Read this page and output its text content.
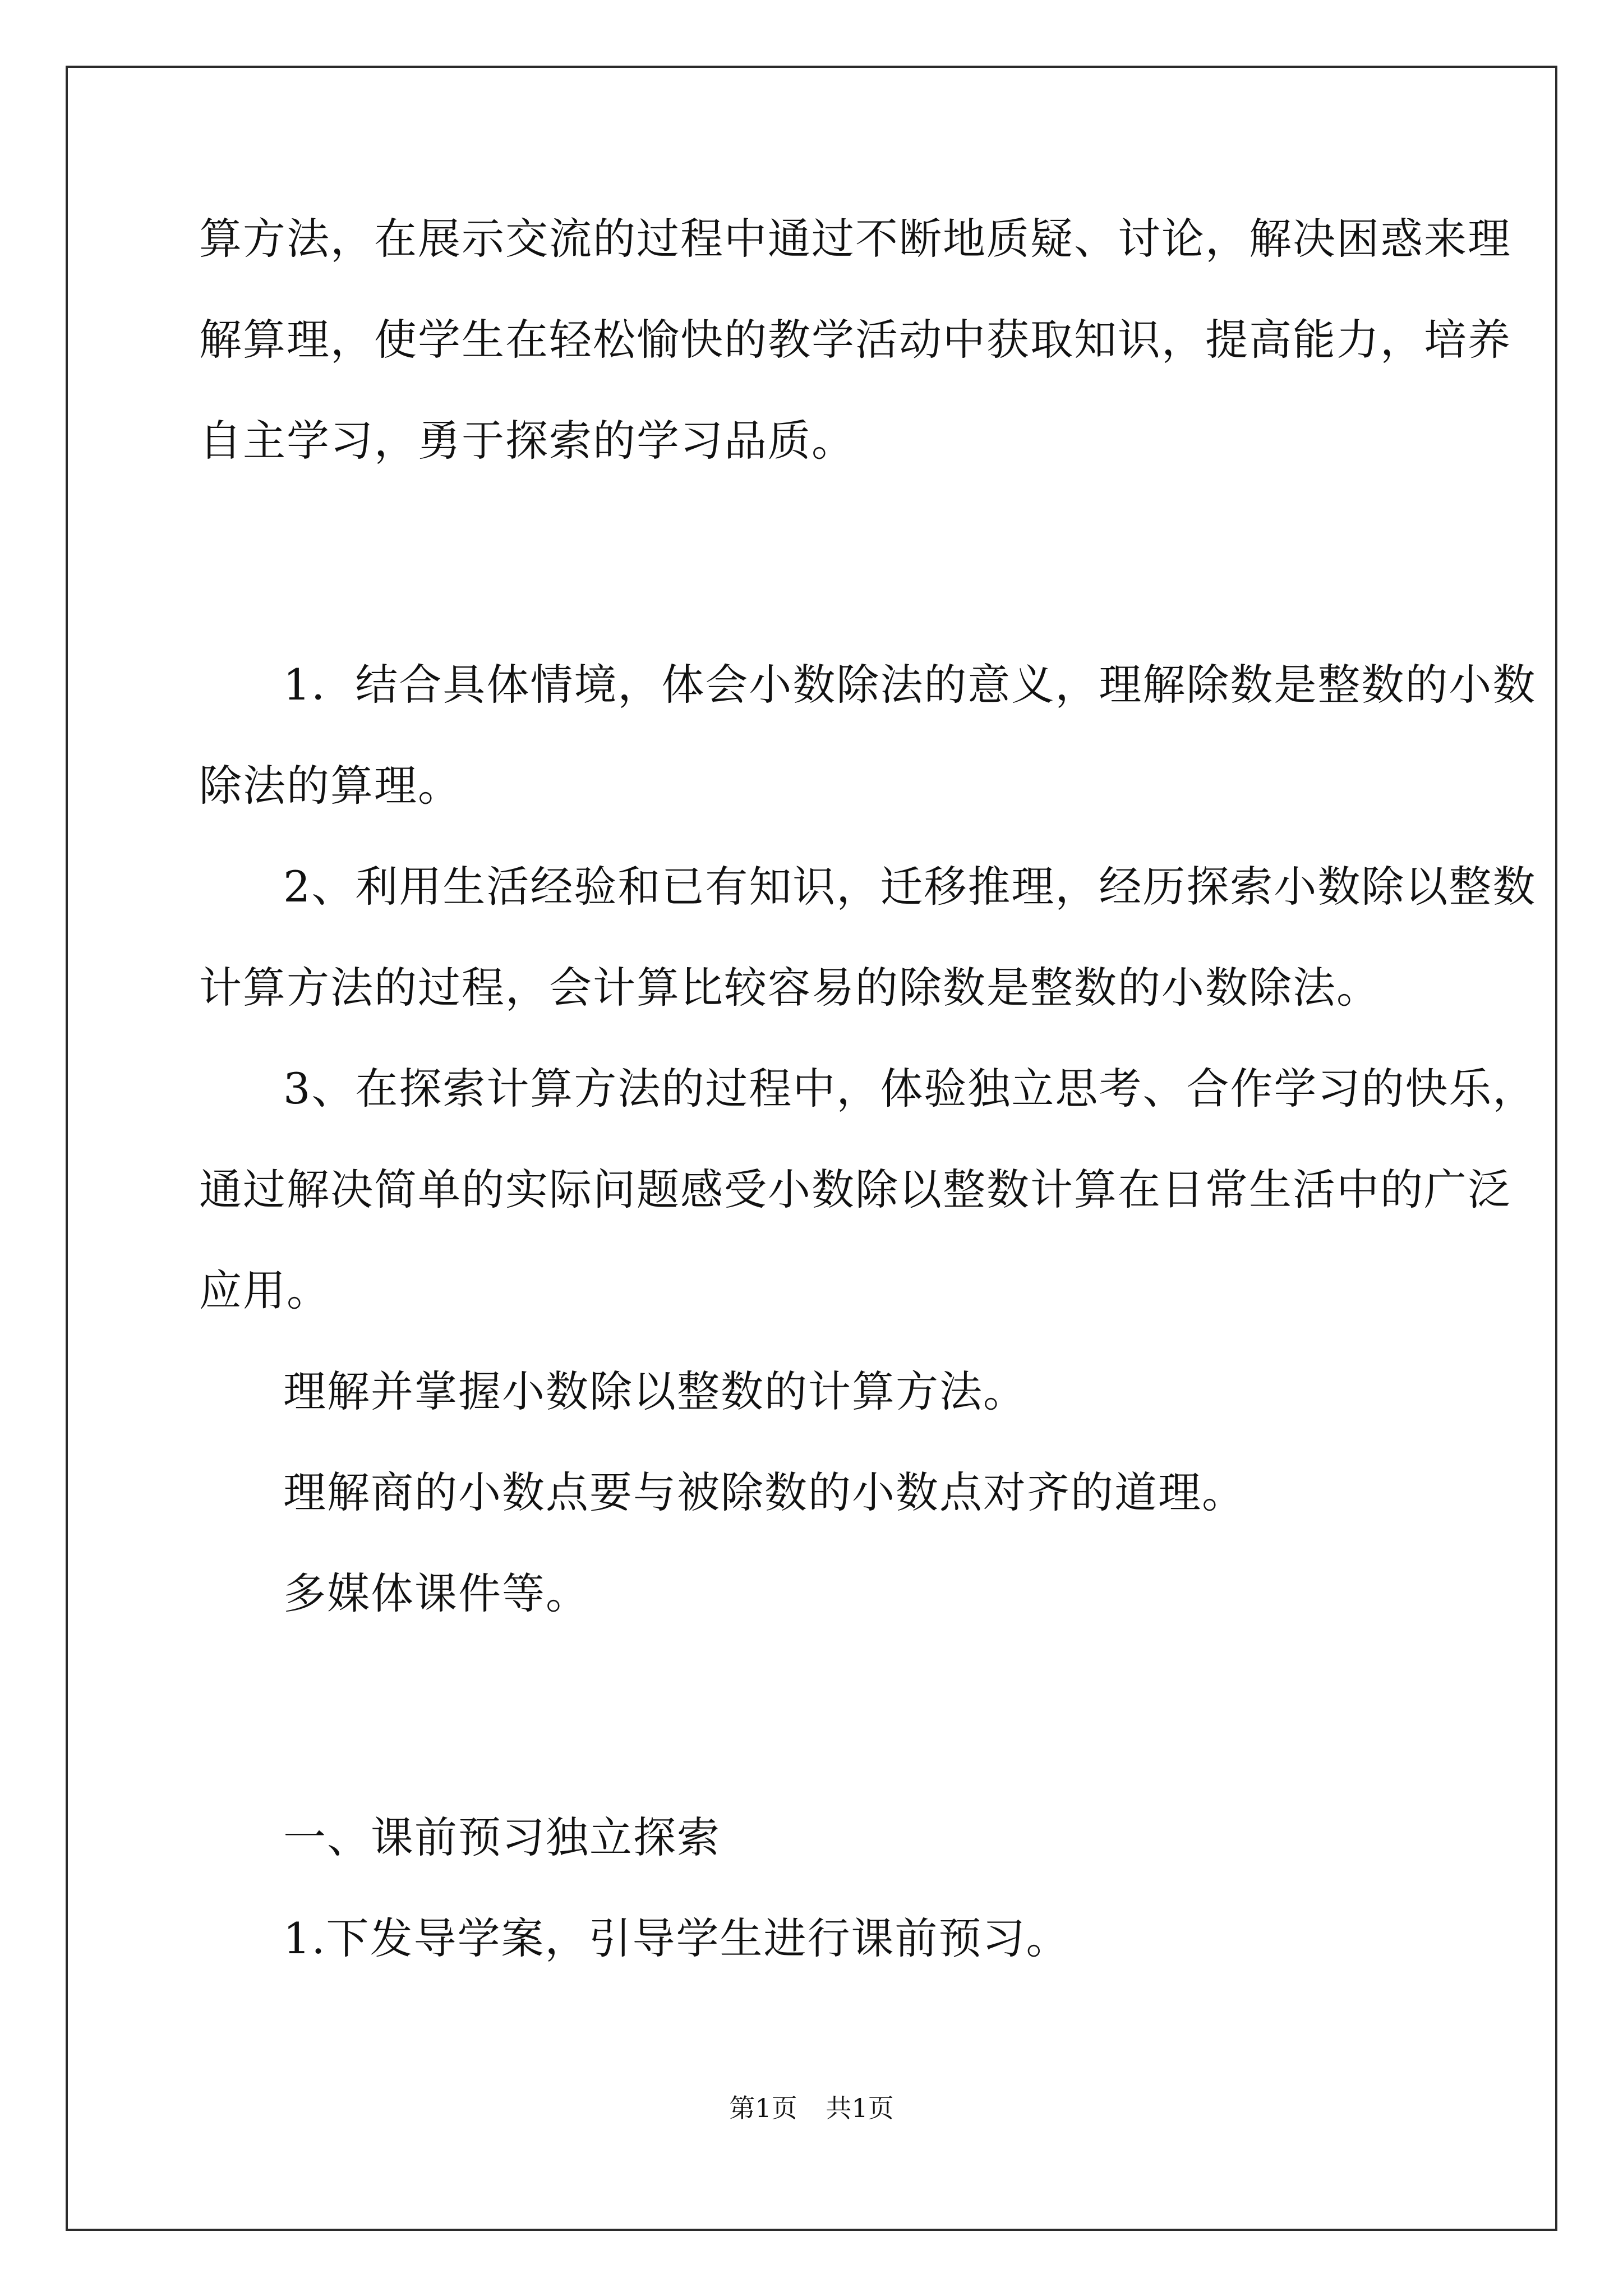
算方法，在展示交流的过程中通过不断地质疑、讨论，解决困惑来理
解算理，使学生在轻松愉快的教学活动中获取知识，提高能力，培养
自主学习，勇于探索的学习品质。
1．结合具体情境，体会小数除法的意义，理解除数是整数的小数
除法的算理。
2、利用生活经验和已有知识，迁移推理，经历探索小数除以整数
计算方法的过程，会计算比较容易的除数是整数的小数除法。
3、在探索计算方法的过程中，体验独立思考、合作学习的快乐，
通过解决简单的实际问题感受小数除以整数计算在日常生活中的广泛
应用。
理解并掌握小数除以整数的计算方法。
理解商的小数点要与被除数的小数点对齐的道理。
多媒体课件等。
一、课前预习独立探索
1.下发导学案，引导学生进行课前预习。
第1页 共1页
